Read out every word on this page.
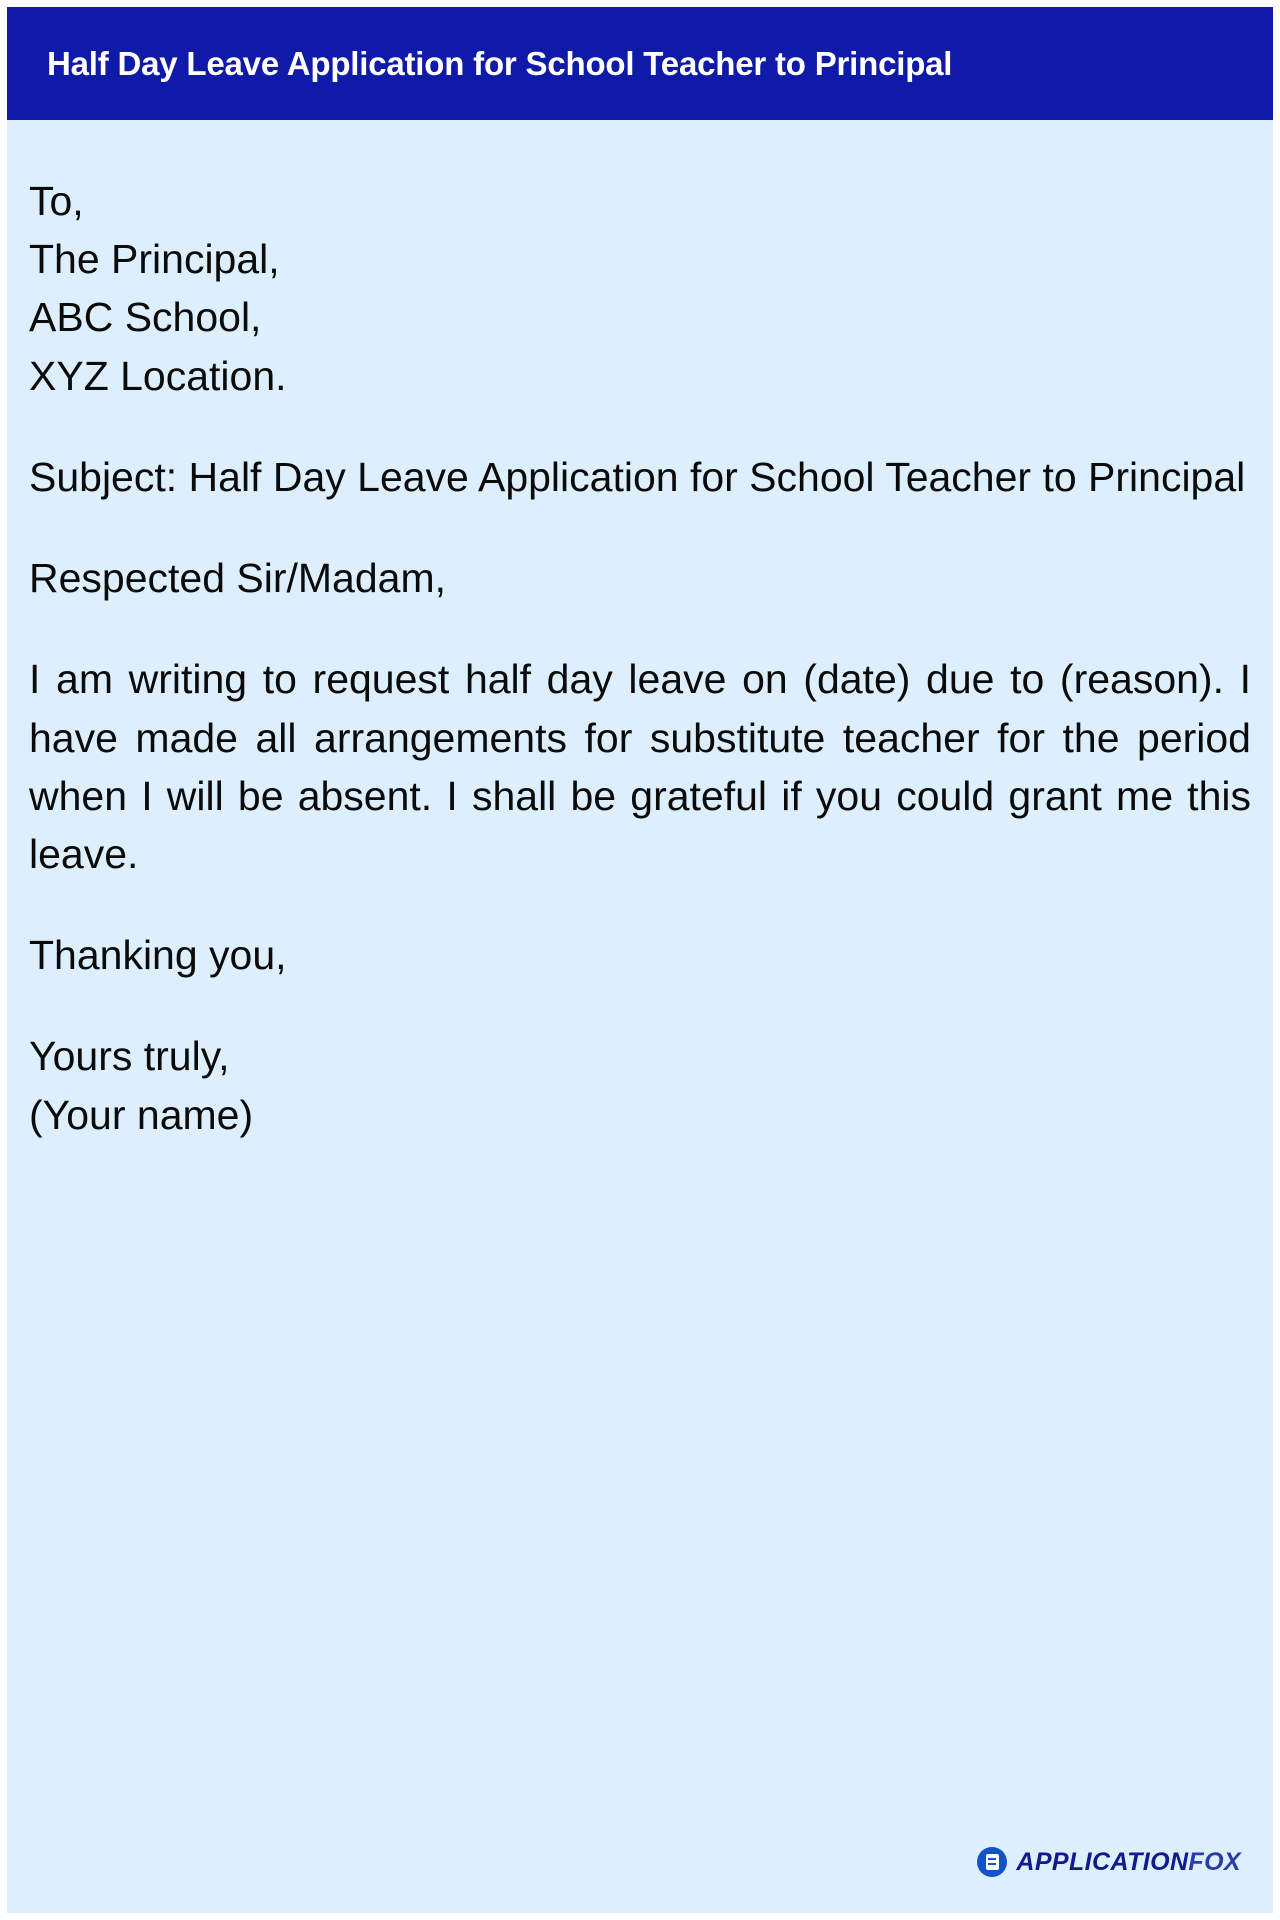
Half Day Leave Application for School Teacher to Principal
To,
The Principal,
ABC School,
XYZ Location.
Subject: Half Day Leave Application for School Teacher to Principal
Respected Sir/Madam,
I am writing to request half day leave on (date) due to (reason). I have made all arrangements for substitute teacher for the period when I will be absent. I shall be grateful if you could grant me this leave.
Thanking you,
Yours truly,
(Your name)
APPLICATIONFOX
